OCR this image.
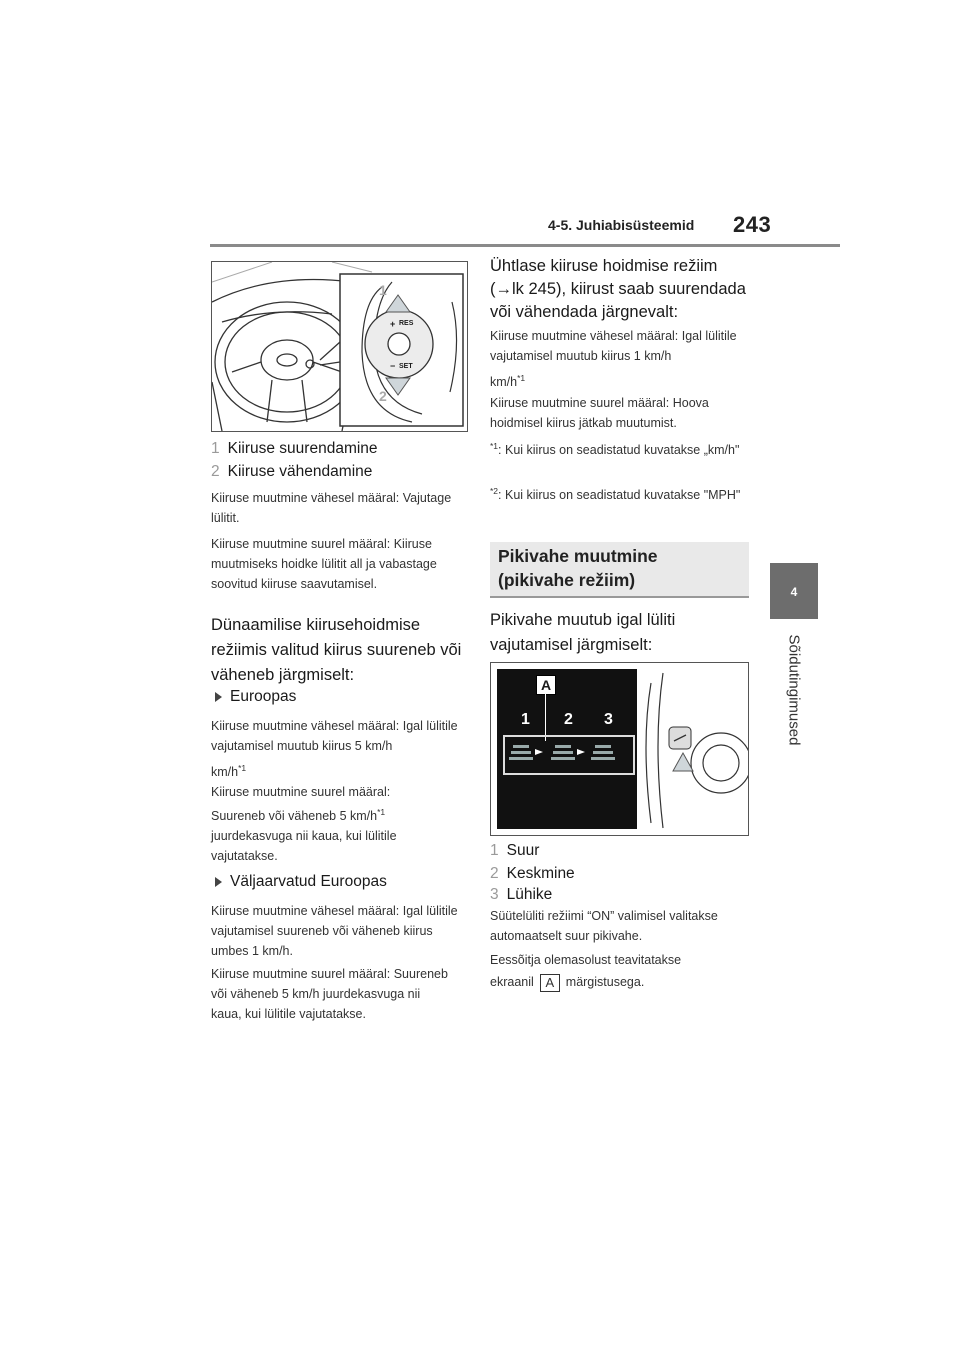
4-5. Juhiabisüsteemid 243
4
Sõidutingimused
1
2
+ RES
− SET
1 Kiiruse suurendamine
2 Kiiruse vähendamine
Kiiruse muutmine vähesel määral: Vajutage lülitit.
Kiiruse muutmine suurel määral: Kiiruse muutmiseks hoidke lülitit all ja vabastage soovitud kiiruse saavutamisel.
Dünaamilise kiirusehoidmise režiimis valitud kiirus suureneb või väheneb järgmiselt:
Euroopas
Kiiruse muutmine vähesel määral: Igal lülitile vajutamisel muutub kiirus 5 km/h
$km/h^{*1}$
Kiiruse muutmine suurel määral:
Suureneb või väheneb 5 $km/h^{*1}$
juurdekasvuga nii kaua, kui lülitile vajutatakse.
Väljaarvatud Euroopas
Kiiruse muutmine vähesel määral: Igal lülitile vajutamisel suureneb või väheneb kiirus umbes 1 km/h.
Kiiruse muutmine suurel määral: Suureneb või väheneb 5 km/h juurdekasvuga nii kaua, kui lülitile vajutatakse.
Ühtlase kiiruse hoidmise režiim
(→lk 245), kiirust saab suurendada
või vähendada järgnevalt:
Kiiruse muutmine vähesel määral: Igal lülitile vajutamisel muutub kiirus 1 km/h
$km/h^{*1}$
Kiiruse muutmine suurel määral: Hoova hoidmisel kiirus jätkab muutumist.
$^{*1}$: Kui kiirus on seadistatud kuvatakse „km/h"
$^{*2}$: Kui kiirus on seadistatud kuvatakse "MPH"
Pikivahe muutmine
(pikivahe režiim)
Pikivahe muutub igal lüliti vajutamisel järgmiselt:
A
1 2 3
1 Suur
2 Keskmine
3 Lühike
Süütelüliti režiimi “ON” valimisel valitakse automaatselt suur pikivahe.
Eessõitja olemasolust teavitatakse
ekraanil A märgistusega.
